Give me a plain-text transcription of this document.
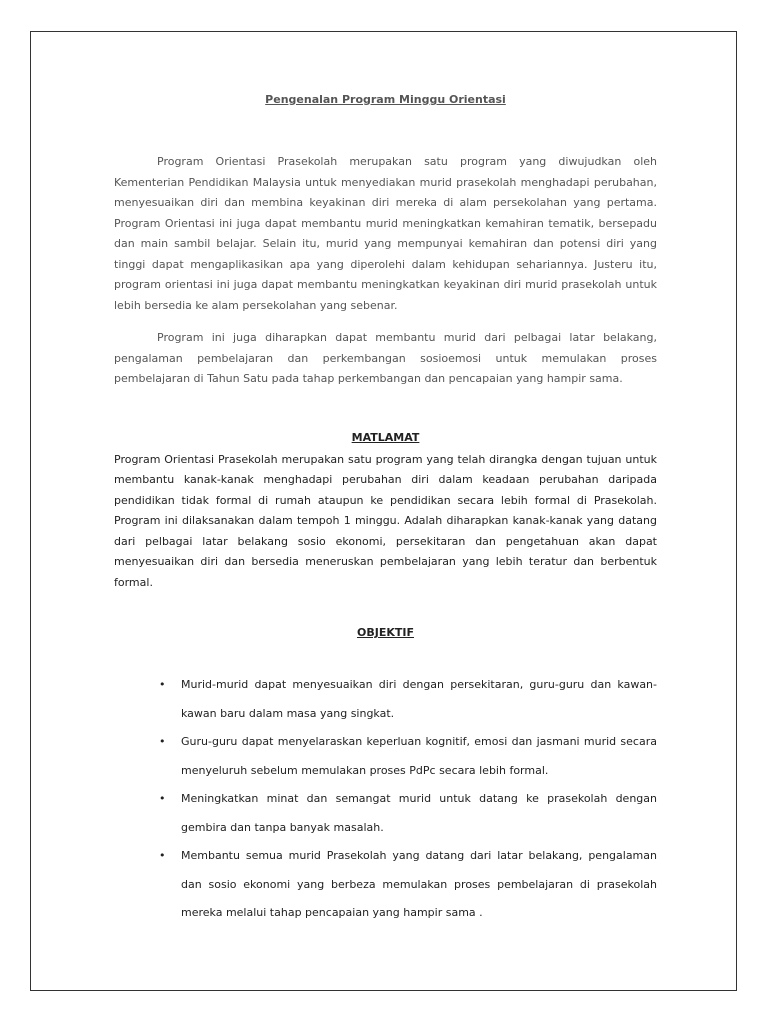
Pengenalan Program Minggu Orientasi

Program Orientasi Prasekolah merupakan satu program yang diwujudkan oleh Kementerian Pendidikan Malaysia untuk menyediakan murid prasekolah menghadapi perubahan, menyesuaikan diri dan membina keyakinan diri mereka di alam persekolahan yang pertama. Program Orientasi ini juga dapat membantu murid meningkatkan kemahiran tematik, bersepadu dan main sambil belajar. Selain itu, murid yang mempunyai kemahiran dan potensi diri yang tinggi dapat mengaplikasikan apa yang diperolehi dalam kehidupan sehariannya. Justeru itu, program orientasi ini juga dapat membantu meningkatkan keyakinan diri murid prasekolah untuk lebih bersedia ke alam persekolahan yang sebenar.

Program ini juga diharapkan dapat membantu murid dari pelbagai latar belakang, pengalaman pembelajaran dan perkembangan sosioemosi untuk memulakan proses pembelajaran di Tahun Satu pada tahap perkembangan dan pencapaian yang hampir sama.

MATLAMAT

Program Orientasi Prasekolah merupakan satu program yang telah dirangka dengan tujuan untuk membantu kanak-kanak menghadapi perubahan diri dalam keadaan perubahan daripada pendidikan tidak formal di rumah ataupun ke pendidikan secara lebih formal di Prasekolah. Program ini dilaksanakan dalam tempoh 1 minggu. Adalah diharapkan kanak-kanak yang datang dari pelbagai latar belakang sosio ekonomi, persekitaran dan pengetahuan akan dapat menyesuaikan diri dan bersedia meneruskan pembelajaran yang lebih teratur dan berbentuk formal.

OBJEKTIF
• Murid-murid dapat menyesuaikan diri dengan persekitaran, guru-guru dan kawan-kawan baru dalam masa yang singkat.
• Guru-guru dapat menyelaraskan keperluan kognitif, emosi dan jasmani murid secara menyeluruh sebelum memulakan proses PdPc secara lebih formal.
• Meningkatkan minat dan semangat murid untuk datang ke prasekolah dengan gembira dan tanpa banyak masalah.
• Membantu semua murid Prasekolah yang datang dari latar belakang, pengalaman dan sosio ekonomi yang berbeza memulakan proses pembelajaran di prasekolah mereka melalui tahap pencapaian yang hampir sama .
